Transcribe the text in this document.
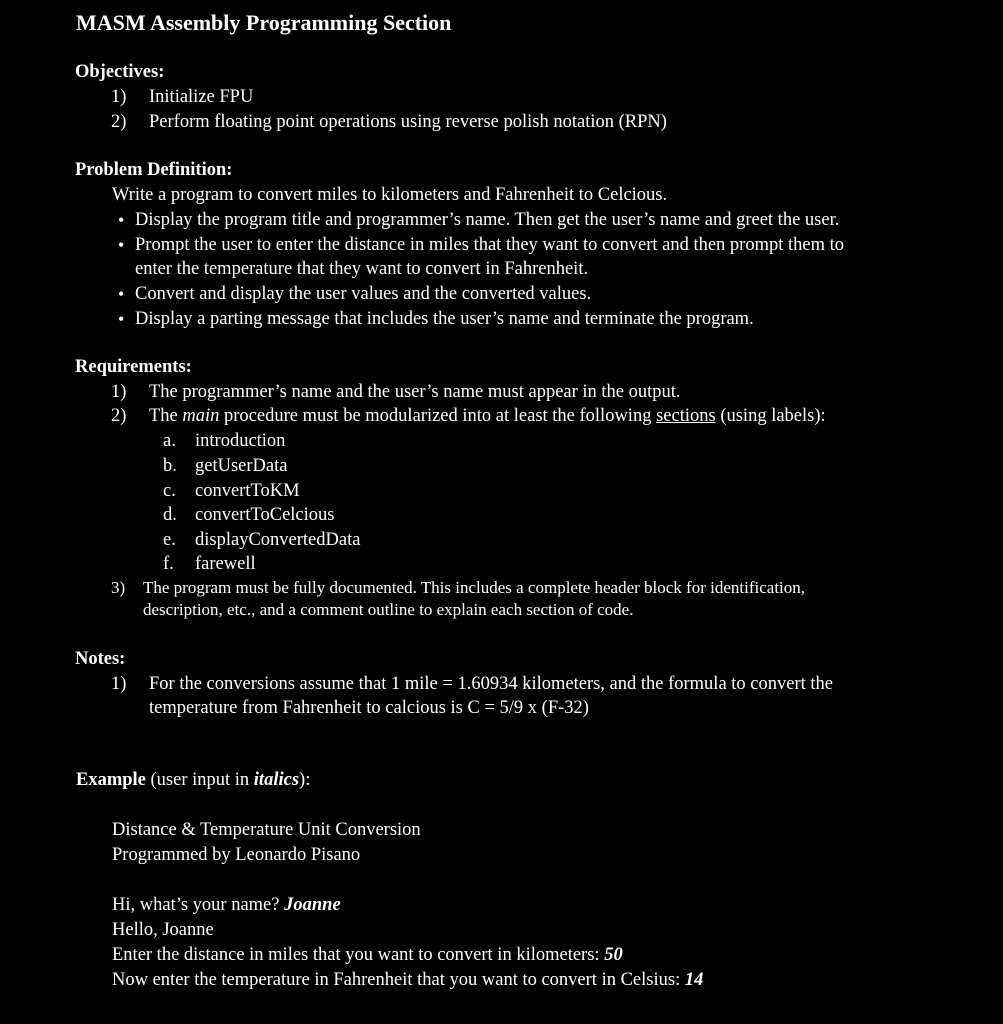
MASM Assembly Programming Section
Objectives:
1) Initialize FPU
2) Perform floating point operations using reverse polish notation (RPN)
Problem Definition:
Write a program to convert miles to kilometers and Fahrenheit to Celcious.
• Display the program title and programmer’s name. Then get the user’s name and greet the user.
• Prompt the user to enter the distance in miles that they want to convert and then prompt them to
enter the temperature that they want to convert in Fahrenheit.
• Convert and display the user values and the converted values.
• Display a parting message that includes the user’s name and terminate the program.
Requirements:
1) The programmer’s name and the user’s name must appear in the output.
2) The main procedure must be modularized into at least the following sections (using labels):
a. introduction
b. getUserData
c. convertToKM
d. convertToCelcious
e. displayConvertedData
f. farewell
3) The program must be fully documented. This includes a complete header block for identification,
description, etc., and a comment outline to explain each section of code.
Notes:
1) For the conversions assume that 1 mile = 1.60934 kilometers, and the formula to convert the
temperature from Fahrenheit to calcious is C = 5/9 x (F-32)
Example (user input in italics):
Distance & Temperature Unit Conversion
Programmed by Leonardo Pisano
Hi, what’s your name? Joanne
Hello, Joanne
Enter the distance in miles that you want to convert in kilometers: 50
Now enter the temperature in Fahrenheit that you want to convert in Celsius: 14
